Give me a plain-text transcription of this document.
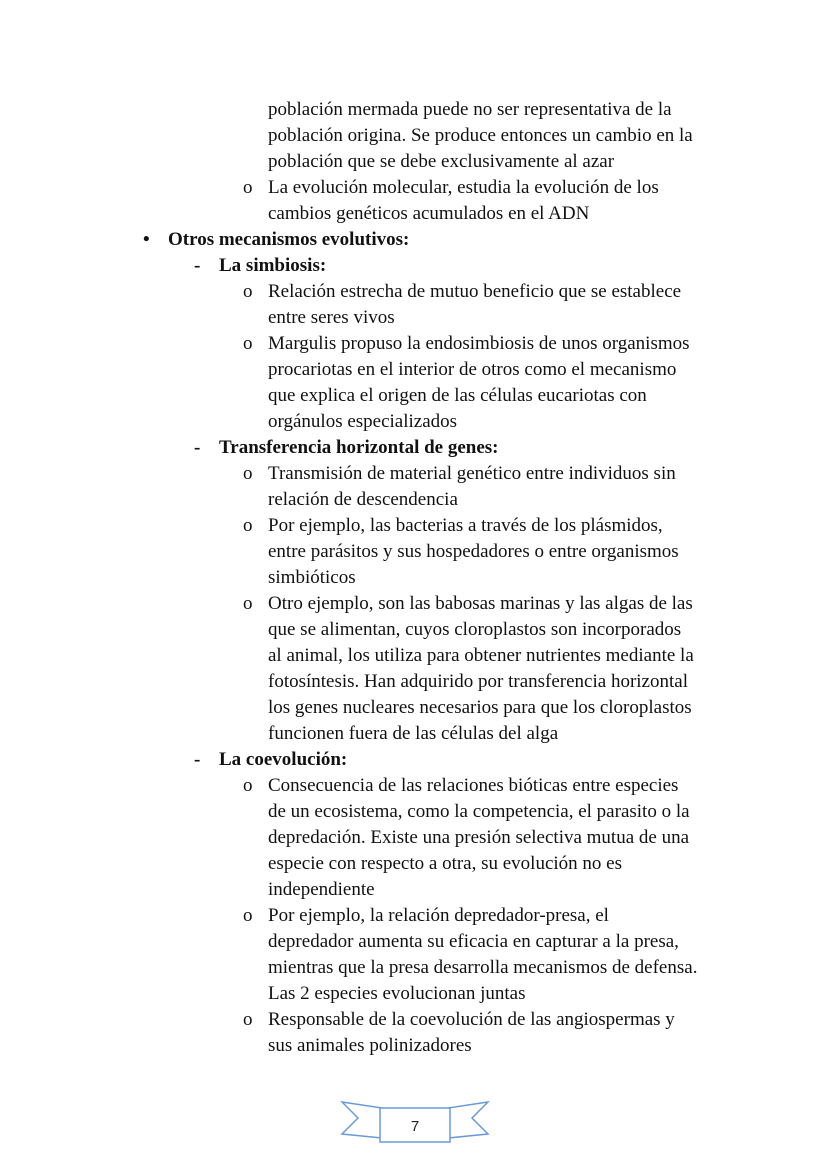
población mermada puede no ser representativa de la
población origina. Se produce entonces un cambio en la
población que se debe exclusivamente al azar
o La evolución molecular, estudia la evolución de los
cambios genéticos acumulados en el ADN
• Otros mecanismos evolutivos:
- La simbiosis:
o Relación estrecha de mutuo beneficio que se establece
entre seres vivos
o Margulis propuso la endosimbiosis de unos organismos
procariotas en el interior de otros como el mecanismo
que explica el origen de las células eucariotas con
orgánulos especializados
- Transferencia horizontal de genes:
o Transmisión de material genético entre individuos sin
relación de descendencia
o Por ejemplo, las bacterias a través de los plásmidos,
entre parásitos y sus hospedadores o entre organismos
simbióticos
o Otro ejemplo, son las babosas marinas y las algas de las
que se alimentan, cuyos cloroplastos son incorporados
al animal, los utiliza para obtener nutrientes mediante la
fotosíntesis. Han adquirido por transferencia horizontal
los genes nucleares necesarios para que los cloroplastos
funcionen fuera de las células del alga
- La coevolución:
o Consecuencia de las relaciones bióticas entre especies
de un ecosistema, como la competencia, el parasito o la
depredación. Existe una presión selectiva mutua de una
especie con respecto a otra, su evolución no es
independiente
o Por ejemplo, la relación depredador-presa, el
depredador aumenta su eficacia en capturar a la presa,
mientras que la presa desarrolla mecanismos de defensa.
Las 2 especies evolucionan juntas
o Responsable de la coevolución de las angiospermas y
sus animales polinizadores
7
